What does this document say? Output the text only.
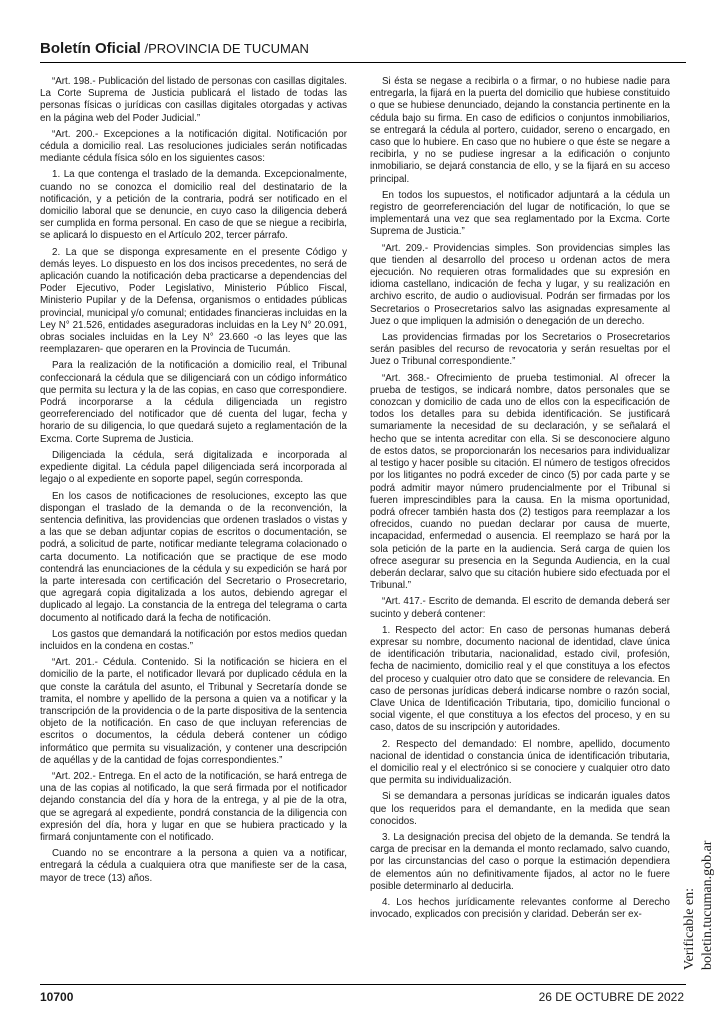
Boletín Oficial /PROVINCIA DE TUCUMAN

“Art. 198.- Publicación del listado de personas con casillas digitales. La Corte Suprema de Justicia publicará el listado de todas las personas físicas o jurídicas con casillas digitales otorgadas y activas en la página web del Poder Judicial.”

“Art. 200.- Excepciones a la notificación digital. Notificación por cédula a domicilio real. Las resoluciones judiciales serán notificadas mediante cédula física sólo en los siguientes casos:

1. La que contenga el traslado de la demanda. Excepcionalmente, cuando no se conozca el domicilio real del destinatario de la notificación, y a petición de la contraria, podrá ser notificado en el domicilio laboral que se denuncie, en cuyo caso la diligencia deberá ser cumplida en forma personal. En caso de que se niegue a recibirla, se aplicará lo dispuesto en el Artículo 202, tercer párrafo.

2. La que se disponga expresamente en el presente Código y demás leyes. Lo dispuesto en los dos incisos precedentes, no será de aplicación cuando la notificación deba practicarse a dependencias del Poder Ejecutivo, Poder Legislativo, Ministerio Público Fiscal, Ministerio Pupilar y de la Defensa, organismos o entidades públicas provincial, municipal y/o comunal; entidades financieras incluidas en la Ley N° 21.526, entidades aseguradoras incluidas en la Ley N° 20.091, obras sociales incluidas en la Ley N° 23.660 -o las leyes que las reemplazaren- que operaren en la Provincia de Tucumán.

Para la realización de la notificación a domicilio real, el Tribunal confeccionará la cédula que se diligenciará con un código informático que permita su lectura y la de las copias, en caso que correspondiere. Podrá incorporarse a la cédula diligenciada un registro georreferenciado del notificador que dé cuenta del lugar, fecha y horario de su diligencia, lo que quedará sujeto a reglamentación de la Excma. Corte Suprema de Justicia.

Diligenciada la cédula, será digitalizada e incorporada al expediente digital. La cédula papel diligenciada será incorporada al legajo o al expediente en soporte papel, según corresponda.

En los casos de notificaciones de resoluciones, excepto las que dispongan el traslado de la demanda o de la reconvención, la sentencia definitiva, las providencias que ordenen traslados o vistas y a las que se deban adjuntar copias de escritos o documentación, se podrá, a solicitud de parte, notificar mediante telegrama colacionado o carta documento. La notificación que se practique de ese modo contendrá las enunciaciones de la cédula y su expedición se hará por la parte interesada con certificación del Secretario o Prosecretario, que agregará copia digitalizada a los autos, debiendo agregar el duplicado al legajo. La constancia de la entrega del telegrama o carta documento al notificado dará la fecha de notificación.

Los gastos que demandará la notificación por estos medios quedan incluidos en la condena en costas.”

“Art. 201.- Cédula. Contenido. Si la notificación se hiciera en el domicilio de la parte, el notificador llevará por duplicado cédula en la que conste la carátula del asunto, el Tribunal y Secretaría donde se tramita, el nombre y apellido de la persona a quien va a notificar y la transcripción de la providencia o de la parte dispositiva de la sentencia objeto de la notificación. En caso de que incluyan referencias de escritos o documentos, la cédula deberá contener un código informático que permita su visualización, y contener una descripción de aquéllas y de la cantidad de fojas correspondientes.”

“Art. 202.- Entrega. En el acto de la notificación, se hará entrega de una de las copias al notificado, la que será firmada por el notificador dejando constancia del día y hora de la entrega, y al pie de la otra, que se agregará al expediente, pondrá constancia de la diligencia con expresión del día, hora y lugar en que se hubiera practicado y la firmará conjuntamente con el notificado.

Cuando no se encontrare a la persona a quien va a notificar, entregará la cédula a cualquiera otra que manifieste ser de la casa, mayor de trece (13) años.

Si ésta se negase a recibirla o a firmar, o no hubiese nadie para entregarla, la fijará en la puerta del domicilio que hubiese constituido o que se hubiese denunciado, dejando la constancia pertinente en la cédula bajo su firma. En caso de edificios o conjuntos inmobiliarios, se entregará la cédula al portero, cuidador, sereno o encargado, en caso que lo hubiere. En caso que no hubiere o que éste se negare a recibirla, y no se pudiese ingresar a la edificación o conjunto inmobiliario, se dejará constancia de ello, y se la fijará en su acceso principal.

En todos los supuestos, el notificador adjuntará a la cédula un registro de georreferenciación del lugar de notificación, lo que se implementará una vez que sea reglamentado por la Excma. Corte Suprema de Justicia.”

“Art. 209.- Providencias simples. Son providencias simples las que tienden al desarrollo del proceso u ordenan actos de mera ejecución. No requieren otras formalidades que su expresión en idioma castellano, indicación de fecha y lugar, y su realización en archivo escrito, de audio o audiovisual. Podrán ser firmadas por los Secretarios o Prosecretarios salvo las asignadas expresamente al Juez o que impliquen la admisión o denegación de un derecho.

Las providencias firmadas por los Secretarios o Prosecretarios serán pasibles del recurso de revocatoria y serán resueltas por el Juez o Tribunal correspondiente.”

“Art. 368.- Ofrecimiento de prueba testimonial. Al ofrecer la prueba de testigos, se indicará nombre, datos personales que se conozcan y domicilio de cada uno de ellos con la especificación de todos los detalles para su debida identificación. Se justificará sumariamente la necesidad de su declaración, y se señalará el hecho que se intenta acreditar con ella. Si se desconociere alguno de estos datos, se proporcionarán los necesarios para individualizar al testigo y hacer posible su citación. El número de testigos ofrecidos por los litigantes no podrá exceder de cinco (5) por cada parte y se podrá admitir mayor número prudencialmente por el Tribunal si fueren imprescindibles para la causa. En la misma oportunidad, podrá ofrecer también hasta dos (2) testigos para reemplazar a los ofrecidos, cuando no puedan declarar por causa de muerte, incapacidad, enfermedad o ausencia. El reemplazo se hará por la sola petición de la parte en la audiencia. Será carga de quien los ofrece asegurar su presencia en la Segunda Audiencia, en la cual deberán declarar, salvo que su citación hubiere sido efectuada por el Tribunal.”

“Art. 417.- Escrito de demanda. El escrito de demanda deberá ser sucinto y deberá contener:

1. Respecto del actor: En caso de personas humanas deberá expresar su nombre, documento nacional de identidad, clave única de identificación tributaria, nacionalidad, estado civil, profesión, fecha de nacimiento, domicilio real y el que constituya a los efectos del proceso y cualquier otro dato que se considere de relevancia. En caso de personas jurídicas deberá indicarse nombre o razón social, Clave Unica de Identificación Tributaria, tipo, domicilio funcional o social vigente, el que constituya a los efectos del proceso, y en su caso, datos de su inscripción y autoridades.

2. Respecto del demandado: El nombre, apellido, documento nacional de identidad o constancia única de identificación tributaria, el domicilio real y el electrónico si se conociere y cualquier otro dato que permita su individualización.

Si se demandara a personas jurídicas se indicarán iguales datos que los requeridos para el demandante, en la medida que sean conocidos.

3. La designación precisa del objeto de la demanda. Se tendrá la carga de precisar en la demanda el monto reclamado, salvo cuando, por las circunstancias del caso o porque la estimación dependiera de elementos aún no definitivamente fijados, al actor no le fuere posible determinarlo al deducirla.

4. Los hechos jurídicamente relevantes conforme al Derecho invocado, explicados con precisión y claridad. Deberán ser ex-	Verificable en: boletin.tucuman.gob.ar
10700	26 DE OCTUBRE DE 2022
